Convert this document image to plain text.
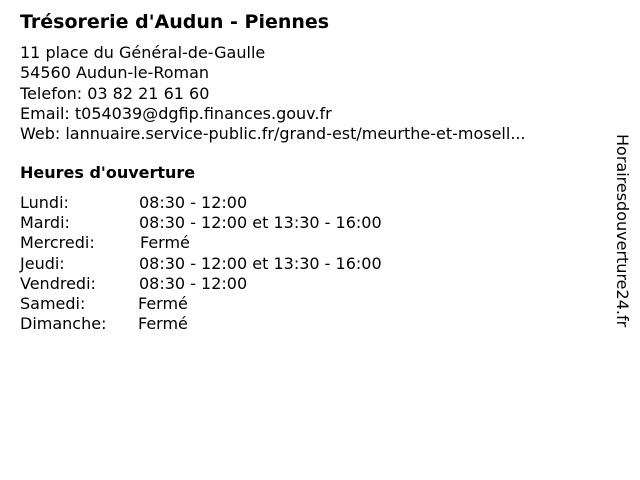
Trésorerie d'Audun - Piennes
11 place du Général-de-Gaulle
54560 Audun-le-Roman
Telefon: 03 82 21 61 60
Email: t054039@dgfip.finances.gouv.fr
Web: lannuaire.service-public.fr/grand-est/meurthe-et-mosell...
Heures d'ouverture
Lundi:	08:30 - 12:00
Mardi:	08:30 - 12:00 et 13:30 - 16:00
Mercredi:	Fermé
Jeudi:	08:30 - 12:00 et 13:30 - 16:00
Vendredi:	08:30 - 12:00
Samedi:	Fermé
Dimanche: Fermé	Horairesdouverture24.fr
